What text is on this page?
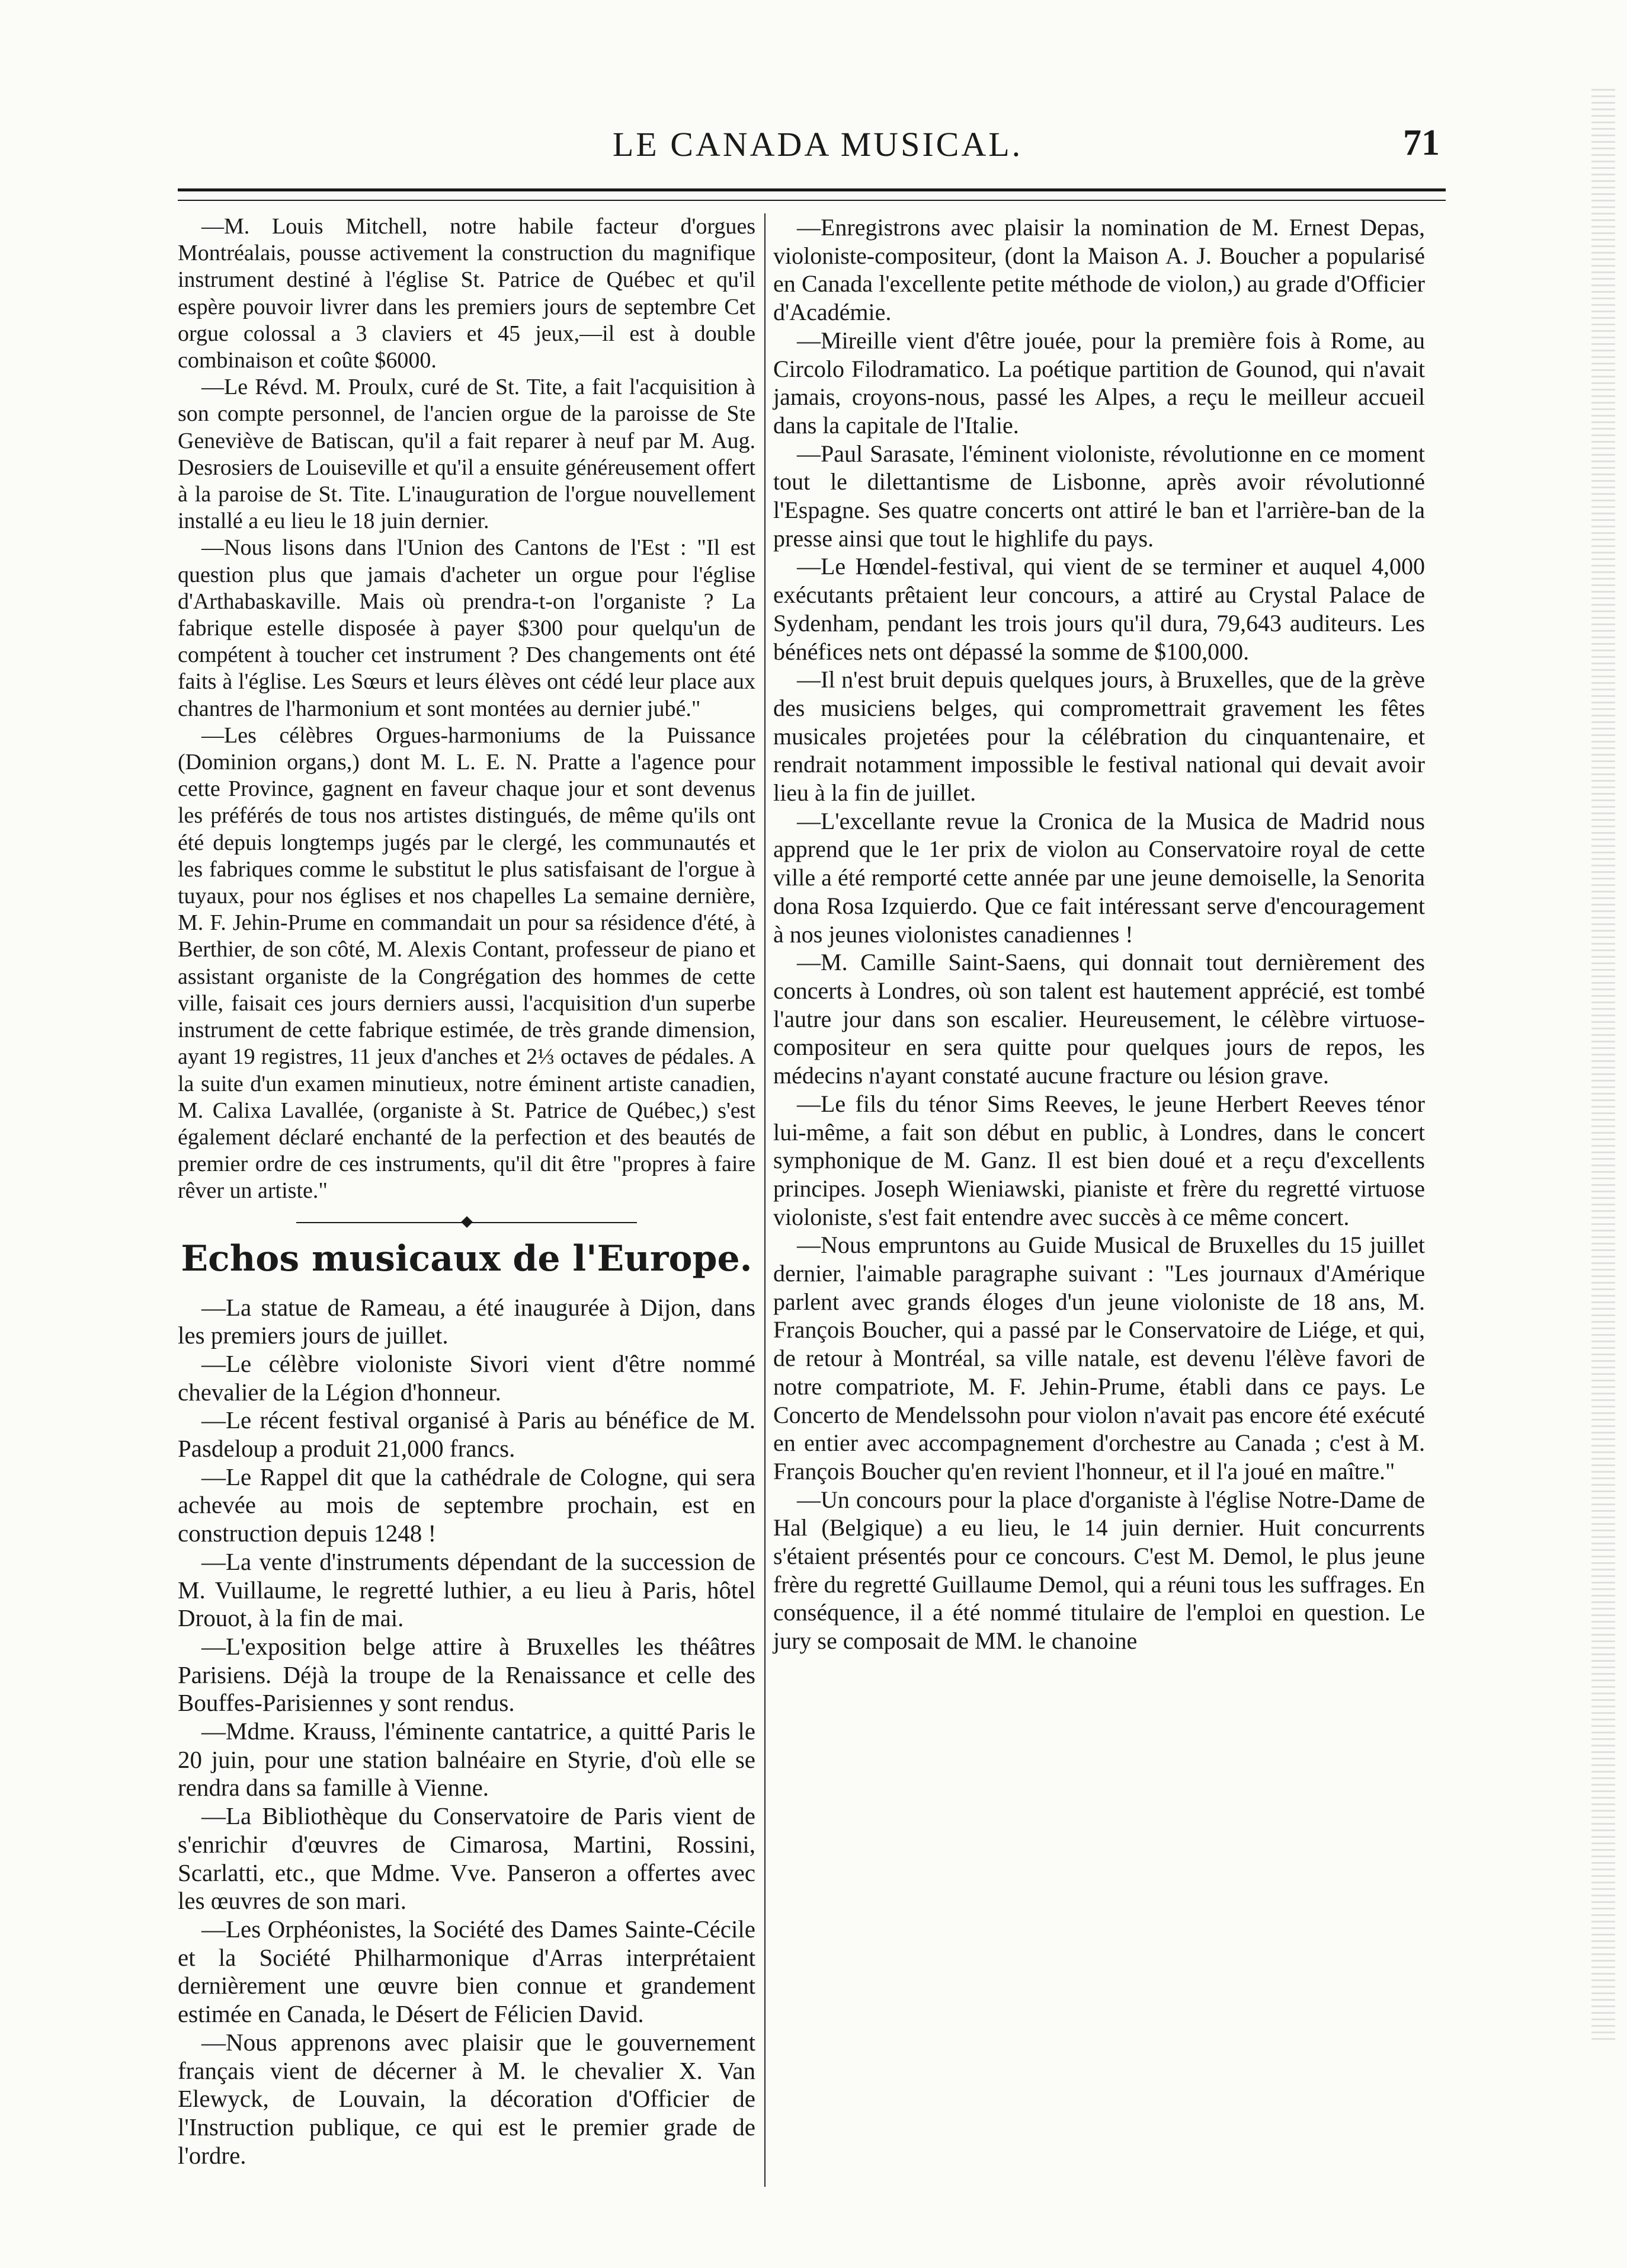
LE CANADA MUSICAL.	71

—M. Louis Mitchell, notre habile facteur d'orgues Montréalais, pousse activement la construction du magnifique instrument destiné à l'église St. Patrice de Québec et qu'il espère pouvoir livrer dans les premiers jours de septembre Cet orgue colossal a 3 claviers et 45 jeux,—il est à double combinaison et coûte $6000.

—Le Révd. M. Proulx, curé de St. Tite, a fait l'acquisition à son compte personnel, de l'ancien orgue de la paroisse de Ste Geneviève de Batiscan, qu'il a fait reparer à neuf par M. Aug. Desrosiers de Louiseville et qu'il a ensuite généreusement offert à la paroise de St. Tite. L'inauguration de l'orgue nouvellement installé a eu lieu le 18 juin dernier.

—Nous lisons dans l'Union des Cantons de l'Est : "Il est question plus que jamais d'acheter un orgue pour l'église d'Arthabaskaville. Mais où prendra-t-on l'organiste ? La fabrique estelle disposée à payer $300 pour quelqu'un de compétent à toucher cet instrument ? Des changements ont été faits à l'église. Les Sœurs et leurs élèves ont cédé leur place aux chantres de l'harmonium et sont montées au dernier jubé."

—Les célèbres Orgues-harmoniums de la Puissance (Dominion organs,) dont M. L. E. N. Pratte a l'agence pour cette Province, gagnent en faveur chaque jour et sont devenus les préférés de tous nos artistes distingués, de même qu'ils ont été depuis longtemps jugés par le clergé, les communautés et les fabriques comme le substitut le plus satisfaisant de l'orgue à tuyaux, pour nos églises et nos chapelles La semaine dernière, M. F. Jehin-Prume en commandait un pour sa résidence d'été, à Berthier, de son côté, M. Alexis Contant, professeur de piano et assistant organiste de la Congrégation des hommes de cette ville, faisait ces jours derniers aussi, l'acquisition d'un superbe instrument de cette fabrique estimée, de très grande dimension, ayant 19 registres, 11 jeux d'anches et 2⅓ octaves de pédales. A la suite d'un examen minutieux, notre éminent artiste canadien, M. Calixa Lavallée, (organiste à St. Patrice de Québec,) s'est également déclaré enchanté de la perfection et des beautés de premier ordre de ces instruments, qu'il dit être "propres à faire rêver un artiste."

Echos musicaux de l'Europe.

—La statue de Rameau, a été inaugurée à Dijon, dans les premiers jours de juillet.

—Le célèbre violoniste Sivori vient d'être nommé chevalier de la Légion d'honneur.

—Le récent festival organisé à Paris au bénéfice de M. Pasdeloup a produit 21,000 francs.

—Le Rappel dit que la cathédrale de Cologne, qui sera achevée au mois de septembre prochain, est en construction depuis 1248 !

—La vente d'instruments dépendant de la succession de M. Vuillaume, le regretté luthier, a eu lieu à Paris, hôtel Drouot, à la fin de mai.

—L'exposition belge attire à Bruxelles les théâtres Parisiens. Déjà la troupe de la Renaissance et celle des Bouffes-Parisiennes y sont rendus.

—Mdme. Krauss, l'éminente cantatrice, a quitté Paris le 20 juin, pour une station balnéaire en Styrie, d'où elle se rendra dans sa famille à Vienne.

—La Bibliothèque du Conservatoire de Paris vient de s'enrichir d'œuvres de Cimarosa, Martini, Rossini, Scarlatti, etc., que Mdme. Vve. Panseron a offertes avec les œuvres de son mari.

—Les Orphéonistes, la Société des Dames Sainte-Cécile et la Société Philharmonique d'Arras interprétaient dernièrement une œuvre bien connue et grandement estimée en Canada, le Désert de Félicien David.

—Nous apprenons avec plaisir que le gouvernement français vient de décerner à M. le chevalier X. Van Elewyck, de Louvain, la décoration d'Officier de l'Instruction publique, ce qui est le premier grade de l'ordre.

—Enregistrons avec plaisir la nomination de M. Ernest Depas, violoniste-compositeur, (dont la Maison A. J. Boucher a popularisé en Canada l'excellente petite méthode de violon,) au grade d'Officier d'Académie.

—Mireille vient d'être jouée, pour la première fois à Rome, au Circolo Filodramatico. La poétique partition de Gounod, qui n'avait jamais, croyons-nous, passé les Alpes, a reçu le meilleur accueil dans la capitale de l'Italie.

—Paul Sarasate, l'éminent violoniste, révolutionne en ce moment tout le dilettantisme de Lisbonne, après avoir révolutionné l'Espagne. Ses quatre concerts ont attiré le ban et l'arrière-ban de la presse ainsi que tout le highlife du pays.

—Le Hœndel-festival, qui vient de se terminer et auquel 4,000 exécutants prêtaient leur concours, a attiré au Crystal Palace de Sydenham, pendant les trois jours qu'il dura, 79,643 auditeurs. Les bénéfices nets ont dépassé la somme de $100,000.

—Il n'est bruit depuis quelques jours, à Bruxelles, que de la grève des musiciens belges, qui compromettrait gravement les fêtes musicales projetées pour la célébration du cinquantenaire, et rendrait notamment impossible le festival national qui devait avoir lieu à la fin de juillet.

—L'excellante revue la Cronica de la Musica de Madrid nous apprend que le 1er prix de violon au Conservatoire royal de cette ville a été remporté cette année par une jeune demoiselle, la Senorita dona Rosa Izquierdo. Que ce fait intéressant serve d'encouragement à nos jeunes violonistes canadiennes !

—M. Camille Saint-Saens, qui donnait tout dernièrement des concerts à Londres, où son talent est hautement apprécié, est tombé l'autre jour dans son escalier. Heureusement, le célèbre virtuose-compositeur en sera quitte pour quelques jours de repos, les médecins n'ayant constaté aucune fracture ou lésion grave.

—Le fils du ténor Sims Reeves, le jeune Herbert Reeves ténor lui-même, a fait son début en public, à Londres, dans le concert symphonique de M. Ganz. Il est bien doué et a reçu d'excellents principes. Joseph Wieniawski, pianiste et frère du regretté virtuose violoniste, s'est fait entendre avec succès à ce même concert.

—Nous empruntons au Guide Musical de Bruxelles du 15 juillet dernier, l'aimable paragraphe suivant : "Les journaux d'Amérique parlent avec grands éloges d'un jeune violoniste de 18 ans, M. François Boucher, qui a passé par le Conservatoire de Liége, et qui, de retour à Montréal, sa ville natale, est devenu l'élève favori de notre compatriote, M. F. Jehin-Prume, établi dans ce pays. Le Concerto de Mendelssohn pour violon n'avait pas encore été exécuté en entier avec accompagnement d'orchestre au Canada ; c'est à M. François Boucher qu'en revient l'honneur, et il l'a joué en maître."

—Un concours pour la place d'organiste à l'église Notre-Dame de Hal (Belgique) a eu lieu, le 14 juin dernier. Huit concurrents s'étaient présentés pour ce concours. C'est M. Demol, le plus jeune frère du regretté Guillaume Demol, qui a réuni tous les suffrages. En conséquence, il a été nommé titulaire de l'emploi en question. Le jury se composait de MM. le chanoine
